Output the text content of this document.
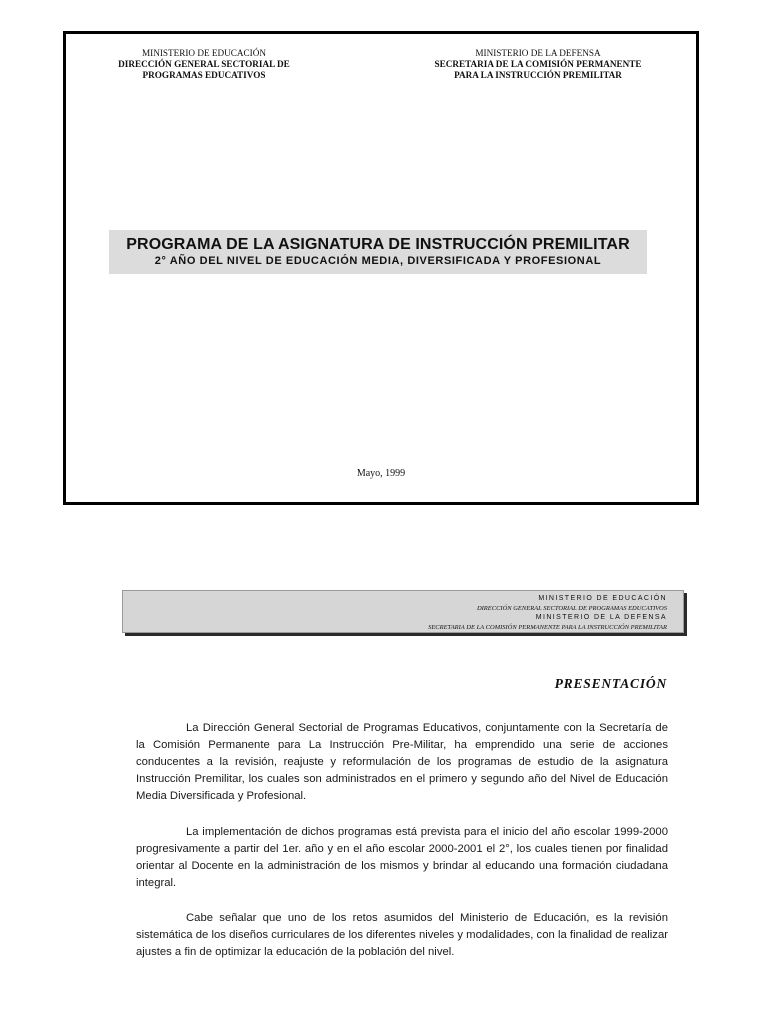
MINISTERIO DE EDUCACIÓN
DIRECCIÓN GENERAL SECTORIAL DE
PROGRAMAS EDUCATIVOS
MINISTERIO DE LA DEFENSA
SECRETARIA DE LA COMISIÓN PERMANENTE
PARA LA INSTRUCCIÓN PREMILITAR
PROGRAMA DE LA ASIGNATURA DE INSTRUCCIÓN PREMILITAR
2° AÑO DEL NIVEL DE EDUCACIÓN MEDIA, DIVERSIFICADA Y PROFESIONAL
Mayo, 1999
MINISTERIO DE EDUCACIÓN
DIRECCIÓN GENERAL SECTORIAL DE PROGRAMAS EDUCATIVOS
MINISTERIO DE LA DEFENSA
SECRETARIA DE LA COMISIÓN PERMANENTE PARA LA INSTRUCCIÓN PREMILITAR
PRESENTACIÓN

La Dirección General Sectorial de Programas Educativos, conjuntamente con la Secretaría de la Comisión Permanente para La Instrucción Pre-Militar, ha emprendido una serie de acciones conducentes a la revisión, reajuste y reformulación de los programas de estudio de la asignatura Instrucción Premilitar, los cuales son administrados en el primero y segundo año del Nivel de Educación Media Diversificada y Profesional.

La implementación de dichos programas está prevista para el inicio del año escolar 1999-2000 progresivamente a partir del 1er. año y en el año escolar 2000-2001 el 2°, los cuales tienen por finalidad orientar al Docente en la administración de los mismos y brindar al educando una formación ciudadana integral.

Cabe señalar que uno de los retos asumidos del Ministerio de Educación, es la revisión sistemática de los diseños curriculares de los diferentes niveles y modalidades, con la finalidad de realizar ajustes a fin de optimizar la educación de la población del nivel.
